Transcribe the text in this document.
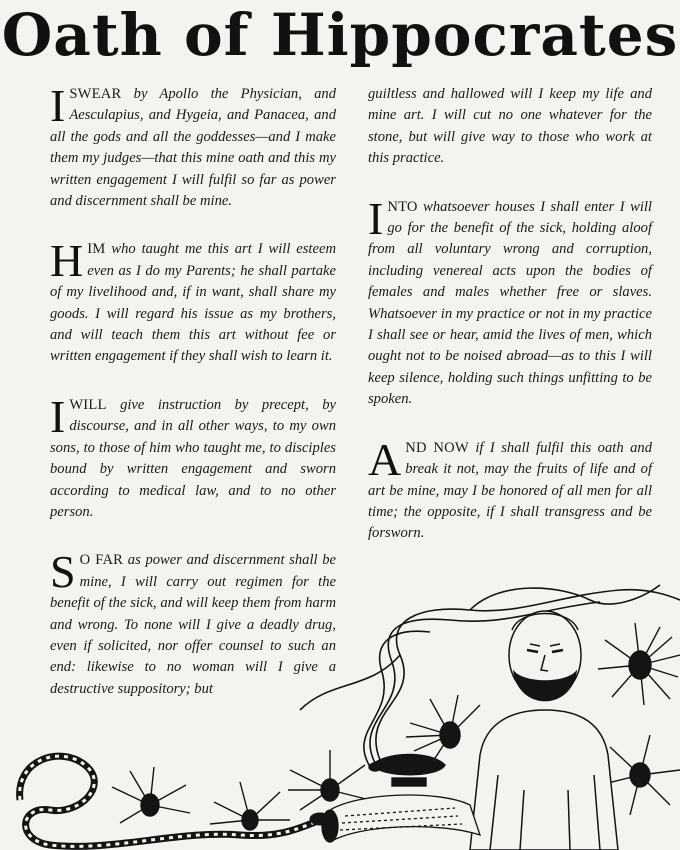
Oath of Hippocrates

ISWEAR by Apollo the Physician, and Aesculapius, and Hygeia, and Panacea, and all the gods and all the goddesses—and I make them my judges—that this mine oath and this my written engagement I will fulfil so far as power and discernment shall be mine.

HIM who taught me this art I will esteem even as I do my Parents; he shall partake of my livelihood and, if in want, shall share my goods. I will regard his issue as my brothers, and will teach them this art without fee or written engagement if they shall wish to learn it.

IWILL give instruction by precept, by discourse, and in all other ways, to my own sons, to those of him who taught me, to disciples bound by written engagement and sworn according to medical law, and to no other person.

S O FAR as power and discernment shall be mine, I will carry out regimen for the benefit of the sick, and will keep them from harm and wrong. To none will I give a deadly drug, even if solicited, nor offer counsel to such an end: likewise to no woman will I give a destructive suppository; but

guiltless and hallowed will I keep my life and mine art. I will cut no one whatever for the stone, but will give way to those who work at this practice.

INTO whatsoever houses I shall enter I will go for the benefit of the sick, holding aloof from all voluntary wrong and corruption, including venereal acts upon the bodies of females and males whether free or slaves. Whatsoever in my practice or not in my practice I shall see or hear, amid the lives of men, which ought not to be noised abroad—as to this I will keep silence, holding such things unfitting to be spoken.

AND NOW if I shall fulfil this oath and break it not, may the fruits of life and of art be mine, may I be honored of all men for all time; the opposite, if I shall transgress and be forsworn.
